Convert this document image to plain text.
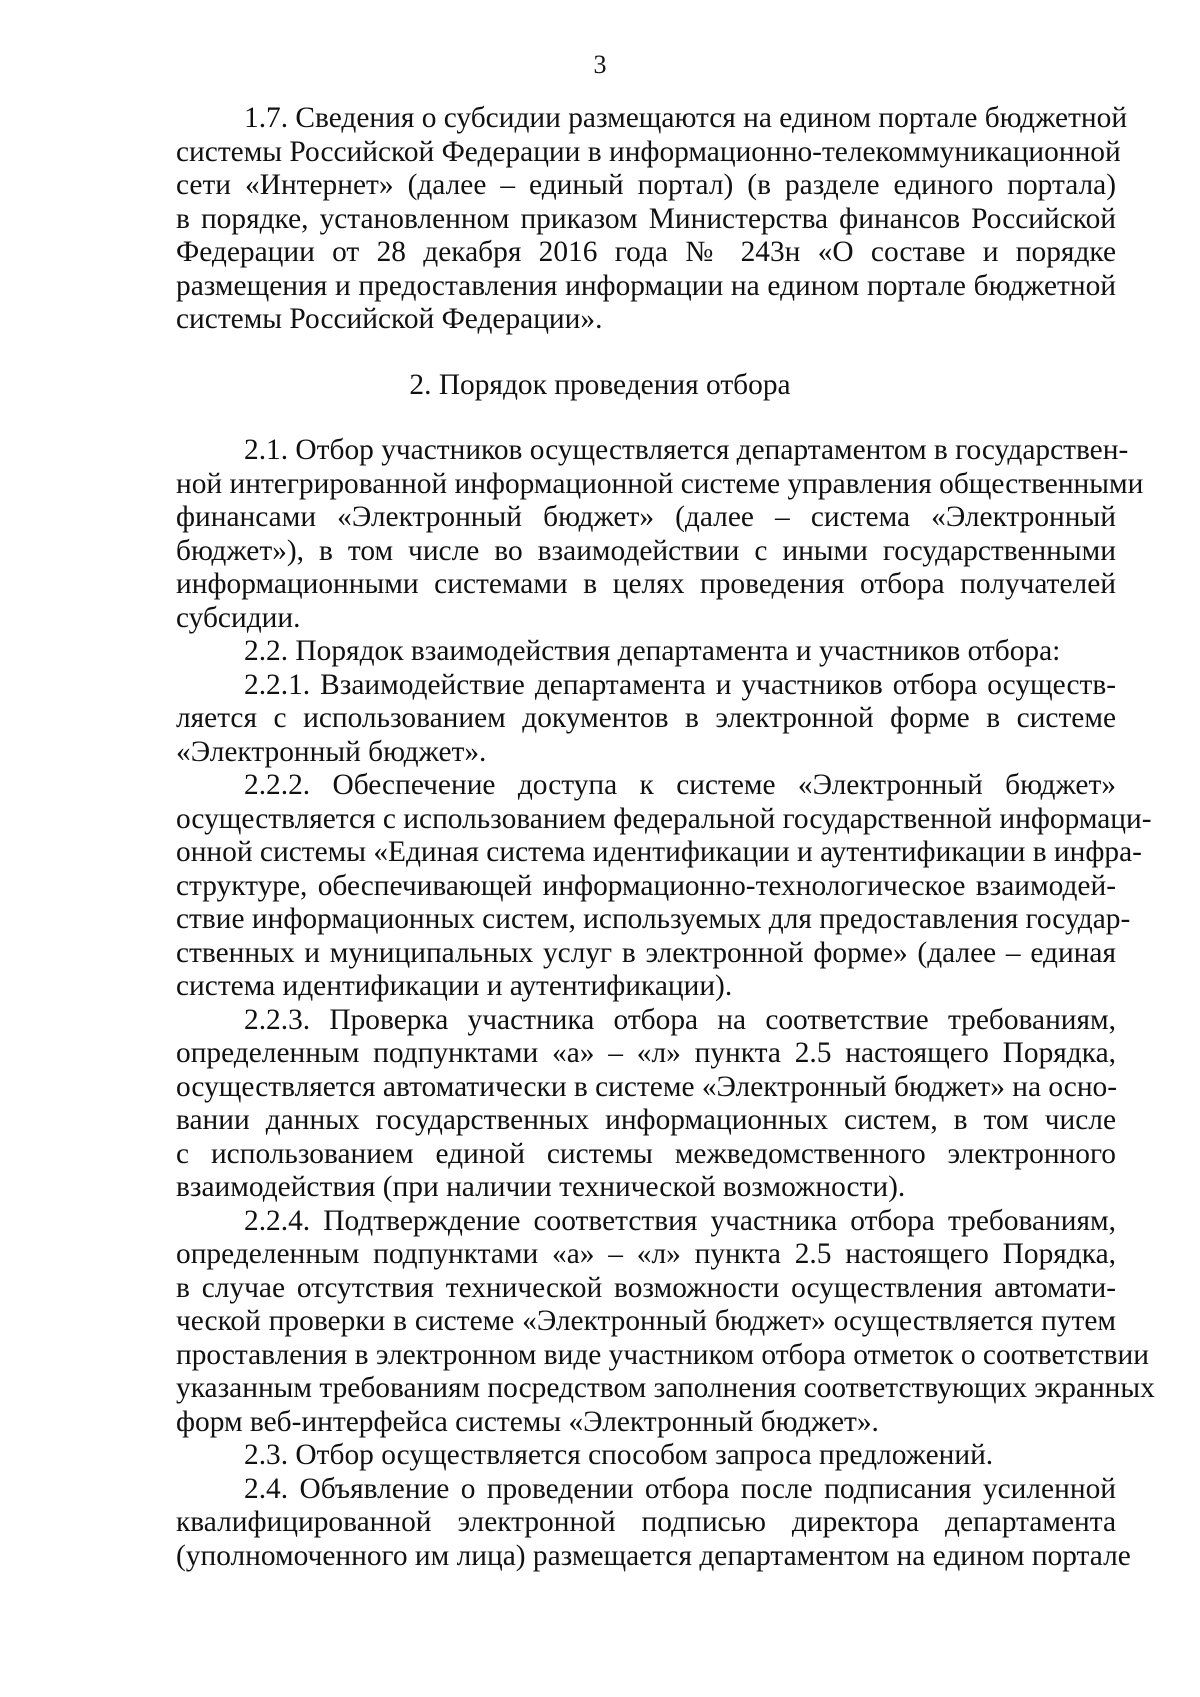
3
1.7. Сведения о субсидии размещаются на едином портале бюджетной
системы Российской Федерации в информационно-телекоммуникационной
сети «Интернет» (далее – единый портал) (в разделе единого портала)
в порядке, установленном приказом Министерства финансов Российской
Федерации от 28 декабря 2016 года № 243н «О составе и порядке
размещения и предоставления информации на едином портале бюджетной
системы Российской Федерации».
2. Порядок проведения отбора
2.1. Отбор участников осуществляется департаментом в государствен-
ной интегрированной информационной системе управления общественными
финансами «Электронный бюджет» (далее – система «Электронный
бюджет»), в том числе во взаимодействии с иными государственными
информационными системами в целях проведения отбора получателей
субсидии.
2.2. Порядок взаимодействия департамента и участников отбора:
2.2.1. Взаимодействие департамента и участников отбора осуществ-
ляется с использованием документов в электронной форме в системе
«Электронный бюджет».
2.2.2. Обеспечение доступа к системе «Электронный бюджет»
осуществляется с использованием федеральной государственной информаци-
онной системы «Единая система идентификации и аутентификации в инфра-
структуре, обеспечивающей информационно-технологическое взаимодей-
ствие информационных систем, используемых для предоставления государ-
ственных и муниципальных услуг в электронной форме» (далее – единая
система идентификации и аутентификации).
2.2.3. Проверка участника отбора на соответствие требованиям,
определенным подпунктами «а» – «л» пункта 2.5 настоящего Порядка,
осуществляется автоматически в системе «Электронный бюджет» на осно-
вании данных государственных информационных систем, в том числе
с использованием единой системы межведомственного электронного
взаимодействия (при наличии технической возможности).
2.2.4. Подтверждение соответствия участника отбора требованиям,
определенным подпунктами «а» – «л» пункта 2.5 настоящего Порядка,
в случае отсутствия технической возможности осуществления автомати-
ческой проверки в системе «Электронный бюджет» осуществляется путем
проставления в электронном виде участником отбора отметок о соответствии
указанным требованиям посредством заполнения соответствующих экранных
форм веб-интерфейса системы «Электронный бюджет».
2.3. Отбор осуществляется способом запроса предложений.
2.4. Объявление о проведении отбора после подписания усиленной
квалифицированной электронной подписью директора департамента
(уполномоченного им лица) размещается департаментом на едином портале
